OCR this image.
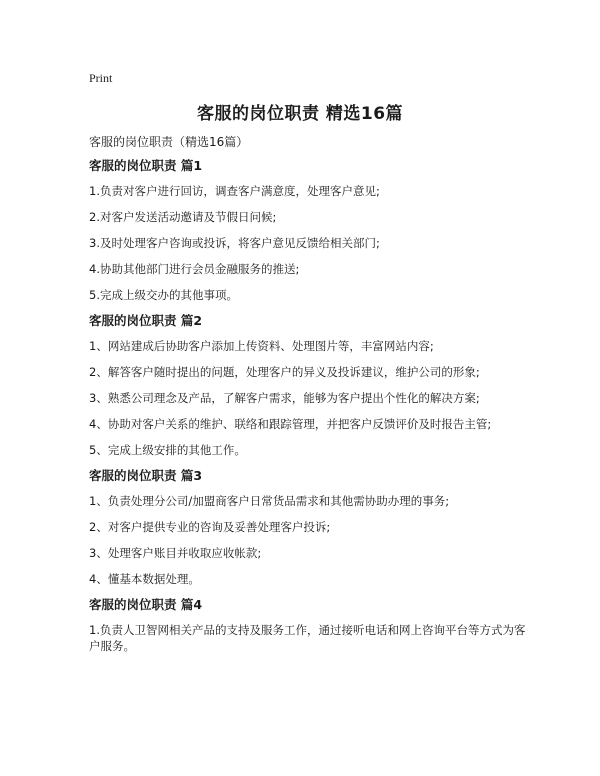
Print
客服的岗位职责 精选16篇
客服的岗位职责（精选16篇）

客服的岗位职责 篇1

1.负责对客户进行回访，调查客户满意度，处理客户意见;

2.对客户发送活动邀请及节假日问候;

3.及时处理客户咨询或投诉，将客户意见反馈给相关部门;

4.协助其他部门进行会员金融服务的推送;

5.完成上级交办的其他事项。

客服的岗位职责 篇2

1、网站建成后协助客户添加上传资料、处理图片等，丰富网站内容;

2、解答客户随时提出的问题，处理客户的异义及投诉建议，维护公司的形象;

3、熟悉公司理念及产品，了解客户需求，能够为客户提出个性化的解决方案;

4、协助对客户关系的维护、联络和跟踪管理，并把客户反馈评价及时报告主管;

5、完成上级安排的其他工作。

客服的岗位职责 篇3

1、负责处理分公司/加盟商客户日常货品需求和其他需协助办理的事务;

2、对客户提供专业的咨询及妥善处理客户投诉;

3、处理客户账目并收取应收帐款;

4、懂基本数据处理。

客服的岗位职责 篇4

1.负责人卫智网相关产品的支持及服务工作，通过接听电话和网上咨询平台等方式为客户服务。
